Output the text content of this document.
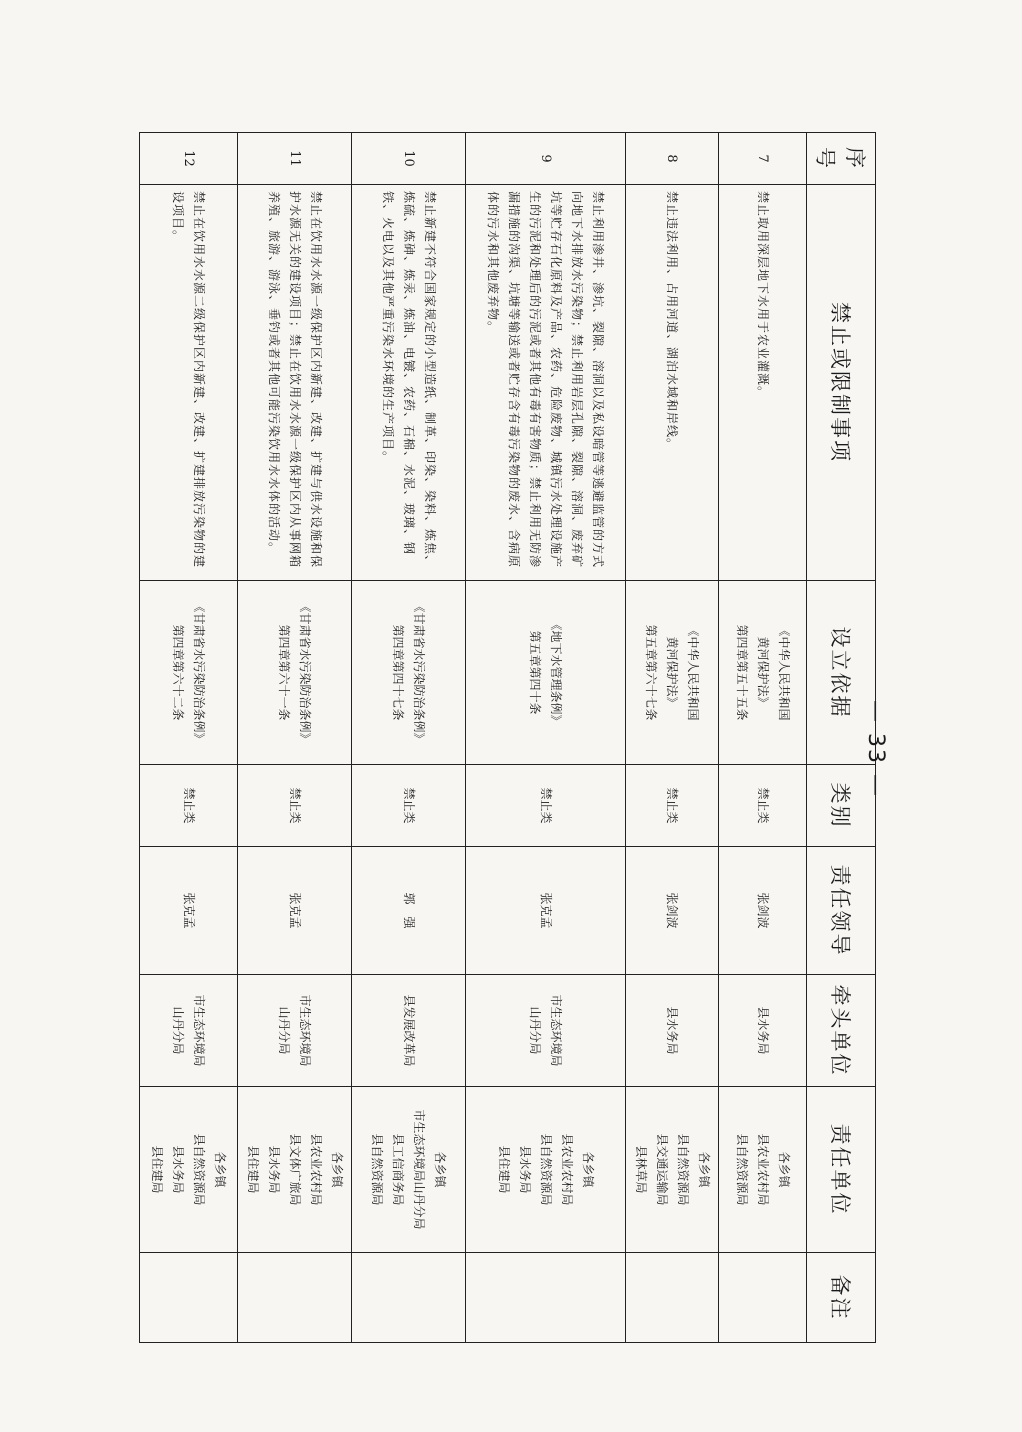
序号	禁止或限制事项	设立依据	类别	责任领导	牵头单位	责任单位	备注
7	禁止取用深层地下水用于农业灌溉。	《中华人民共和国
黄河保护法》
第四章第五十五条	禁止类	张剑波	县水务局	各乡镇
县农业农村局
县自然资源局	

8	禁止违法利用、占用河道、湖泊水域和岸线。	《中华人民共和国
黄河保护法》
第五章第六十七条	禁止类	张剑波	县水务局	各乡镇
县自然资源局
县交通运输局
县林草局	

9	禁止利用渗井、渗坑、裂隙、溶洞以及私设暗管等逃避监管的方式向地下水排放水污染物；禁止利用岩层孔隙、裂隙、溶洞、废弃矿坑等贮存石化原料及产品、农药、危险废物、城镇污水处理设施产生的污泥和处理后的污泥或者其他有毒有害物质；禁止利用无防渗漏措施的沟渠、坑塘等输送或者贮存含有毒污染物的废水、含病原体的污水和其他废弃物。	《地下水管理条例》
第五章第四十条	禁止类	张克孟	市生态环境局
山丹分局	各乡镇
县农业农村局
县自然资源局
县水务局
县住建局	

10	禁止新建不符合国家规定的小型造纸、制革、印染、染料、炼焦、炼硫、炼砷、炼汞、炼油、电镀、农药、石棉、水泥、玻璃、钢铁、火电以及其他严重污染水环境的生产项目。	《甘肃省水污染防治条例》
第四章第四十七条	禁止类	郭　强	县发展改革局	各乡镇
市生态环境局山丹分局
县工信商务局
县自然资源局	

11	禁止在饮用水水源一级保护区内新建、改建、扩建与供水设施和保护水源无关的建设项目；禁止在饮用水水源一级保护区内从事网箱养殖、旅游、游泳、垂钓或者其他可能污染饮用水水体的活动。	《甘肃省水污染防治条例》
第四章第六十一条	禁止类	张克孟	市生态环境局
山丹分局	各乡镇
县农业农村局
县文体广旅局
县水务局
县住建局	

12	禁止在饮用水水源二级保护区内新建、改建、扩建排放污染物的建设项目。	《甘肃省水污染防治条例》
第四章第六十二条	禁止类	张克孟	市生态环境局
山丹分局	各乡镇
县自然资源局
县水务局
县住建局	

— 33 —
